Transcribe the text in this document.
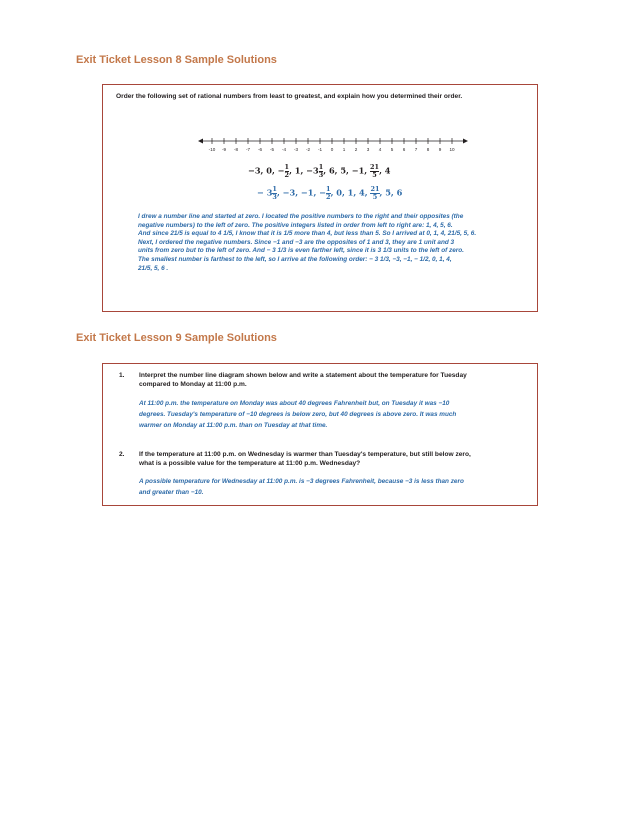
Exit Ticket Lesson 8 Sample Solutions
Order the following set of rational numbers from least to greatest, and explain how you determined their order.
-10 -9 -8 -7 -6 -5 -4 -3 -2 -1 0 1 2 3 4 5 6 7 8 9 10
−3, 0, − $\frac{1}{2}$ , 1, $-3 \frac{1}{3}$ , 6, 5, −1, $\frac{21}{5}$ , 4
− $3 \frac{1}{3}$ , −3, −1, − $\frac{1}{2}$ , 0, 1, 4, $\frac{21}{5}$ , 5, 6
I drew a number line and started at zero. I located the positive numbers to the right and their opposites (the
negative numbers) to the left of zero. The positive integers listed in order from left to right are: 1, 4, 5, 6.
And since 21/5 is equal to 4 1/5, I know that it is 1/5 more than 4, but less than 5. So I arrived at 0, 1, 4, 21/5, 5, 6.
Next, I ordered the negative numbers. Since −1 and −3 are the opposites of 1 and 3, they are 1 unit and 3
units from zero but to the left of zero. And − 3 1/3 is even farther left, since it is 3 1/3 units to the left of zero.
The smallest number is farthest to the left, so I arrive at the following order: − 3 1/3, −3, −1, − 1/2, 0, 1, 4,
21/5, 5, 6 .
Exit Ticket Lesson 9 Sample Solutions
1. Interpret the number line diagram shown below and write a statement about the temperature for Tuesday
compared to Monday at 11:00 p.m.
At 11:00 p.m. the temperature on Monday was about 40 degrees Fahrenheit but, on Tuesday it was −10
degrees. Tuesday's temperature of −10 degrees is below zero, but 40 degrees is above zero. It was much
warmer on Monday at 11:00 p.m. than on Tuesday at that time.
2. If the temperature at 11:00 p.m. on Wednesday is warmer than Tuesday's temperature, but still below zero,
what is a possible value for the temperature at 11:00 p.m. Wednesday?
A possible temperature for Wednesday at 11:00 p.m. is −3 degrees Fahrenheit, because −3 is less than zero
and greater than −10.
